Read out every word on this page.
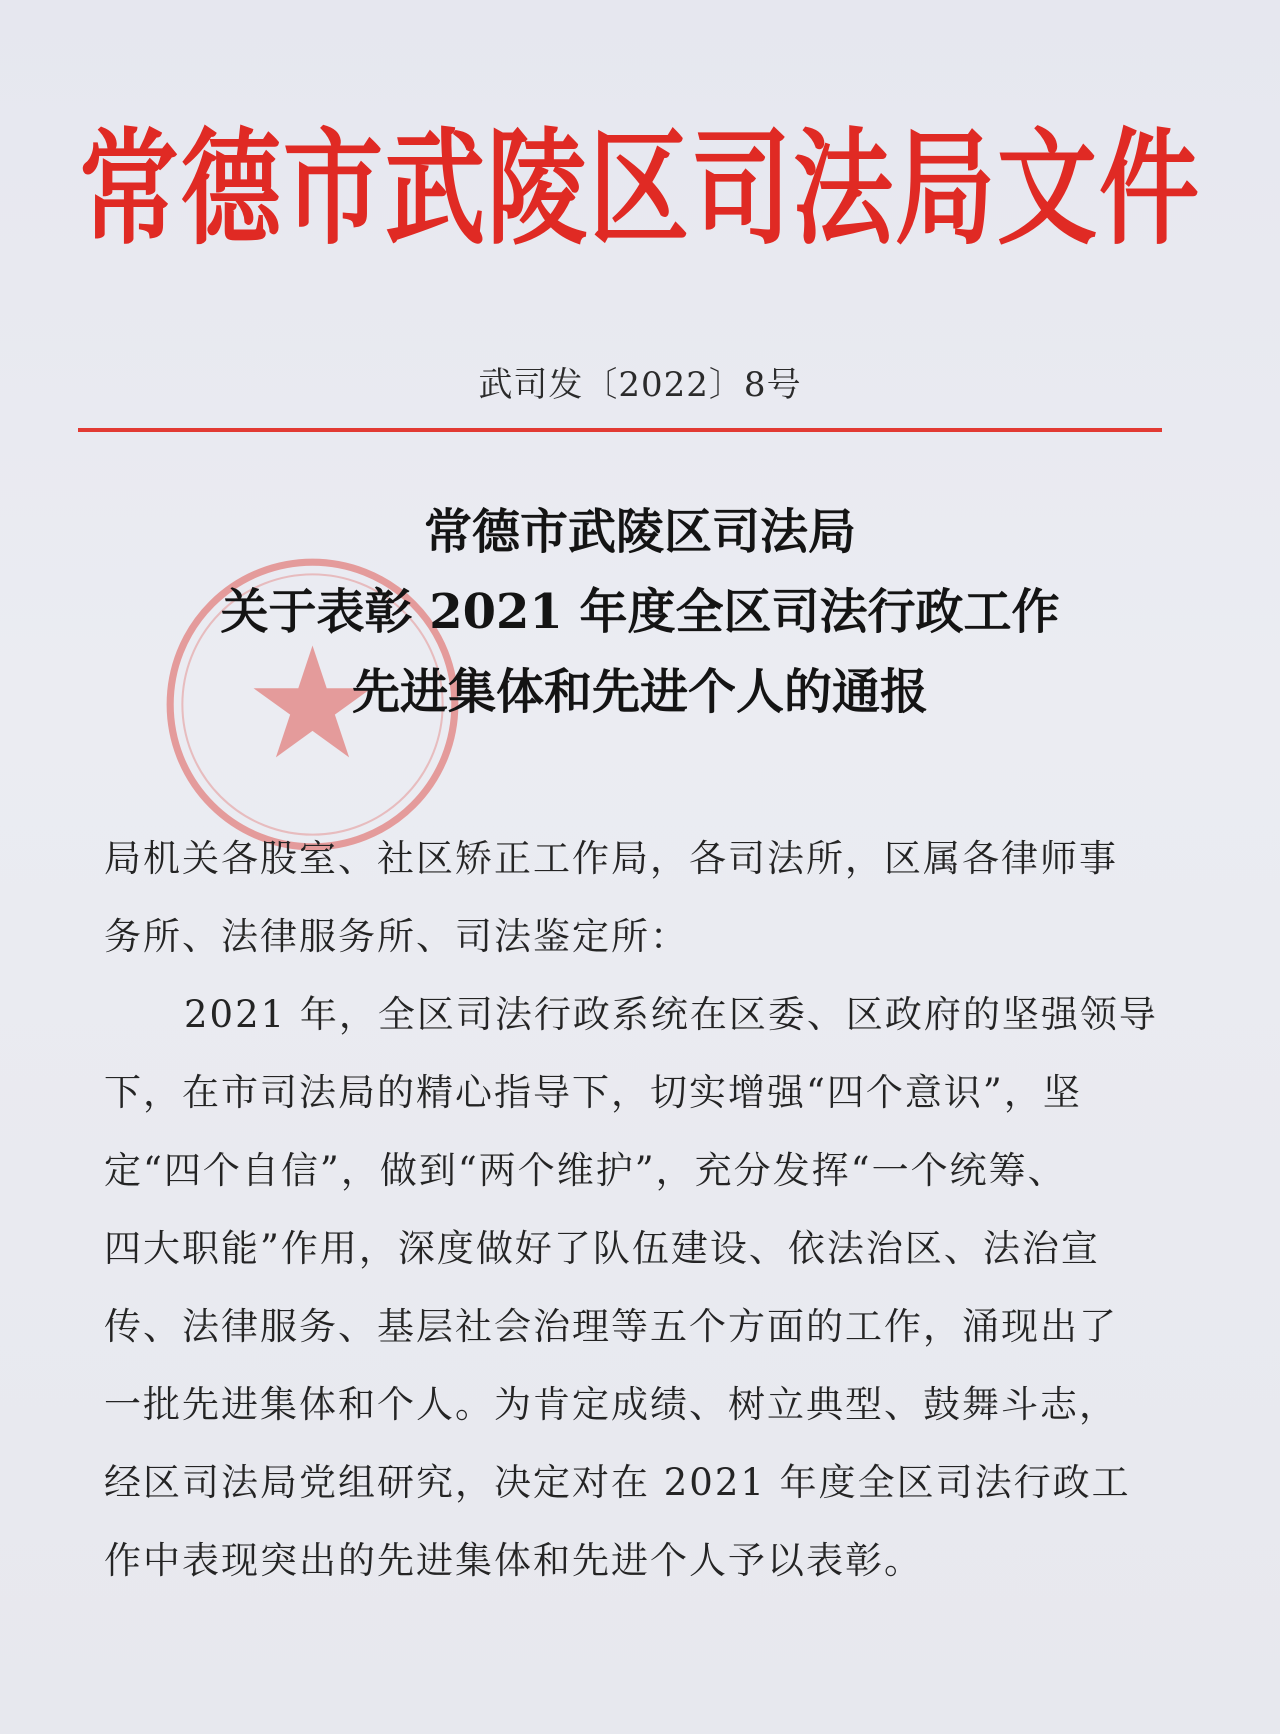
常德市武陵区司法局文件
武司发〔2022〕8号
常德市武陵区司法局
关于表彰 2021 年度全区司法行政工作
先进集体和先进个人的通报
局机关各股室、社区矫正工作局，各司法所，区属各律师事
务所、法律服务所、司法鉴定所：
2021 年，全区司法行政系统在区委、区政府的坚强领导
下，在市司法局的精心指导下，切实增强“四个意识”，坚
定“四个自信”，做到“两个维护”，充分发挥“一个统筹、
四大职能”作用，深度做好了队伍建设、依法治区、法治宣
传、法律服务、基层社会治理等五个方面的工作，涌现出了
一批先进集体和个人。为肯定成绩、树立典型、鼓舞斗志，
经区司法局党组研究，决定对在 2021 年度全区司法行政工
作中表现突出的先进集体和先进个人予以表彰。
